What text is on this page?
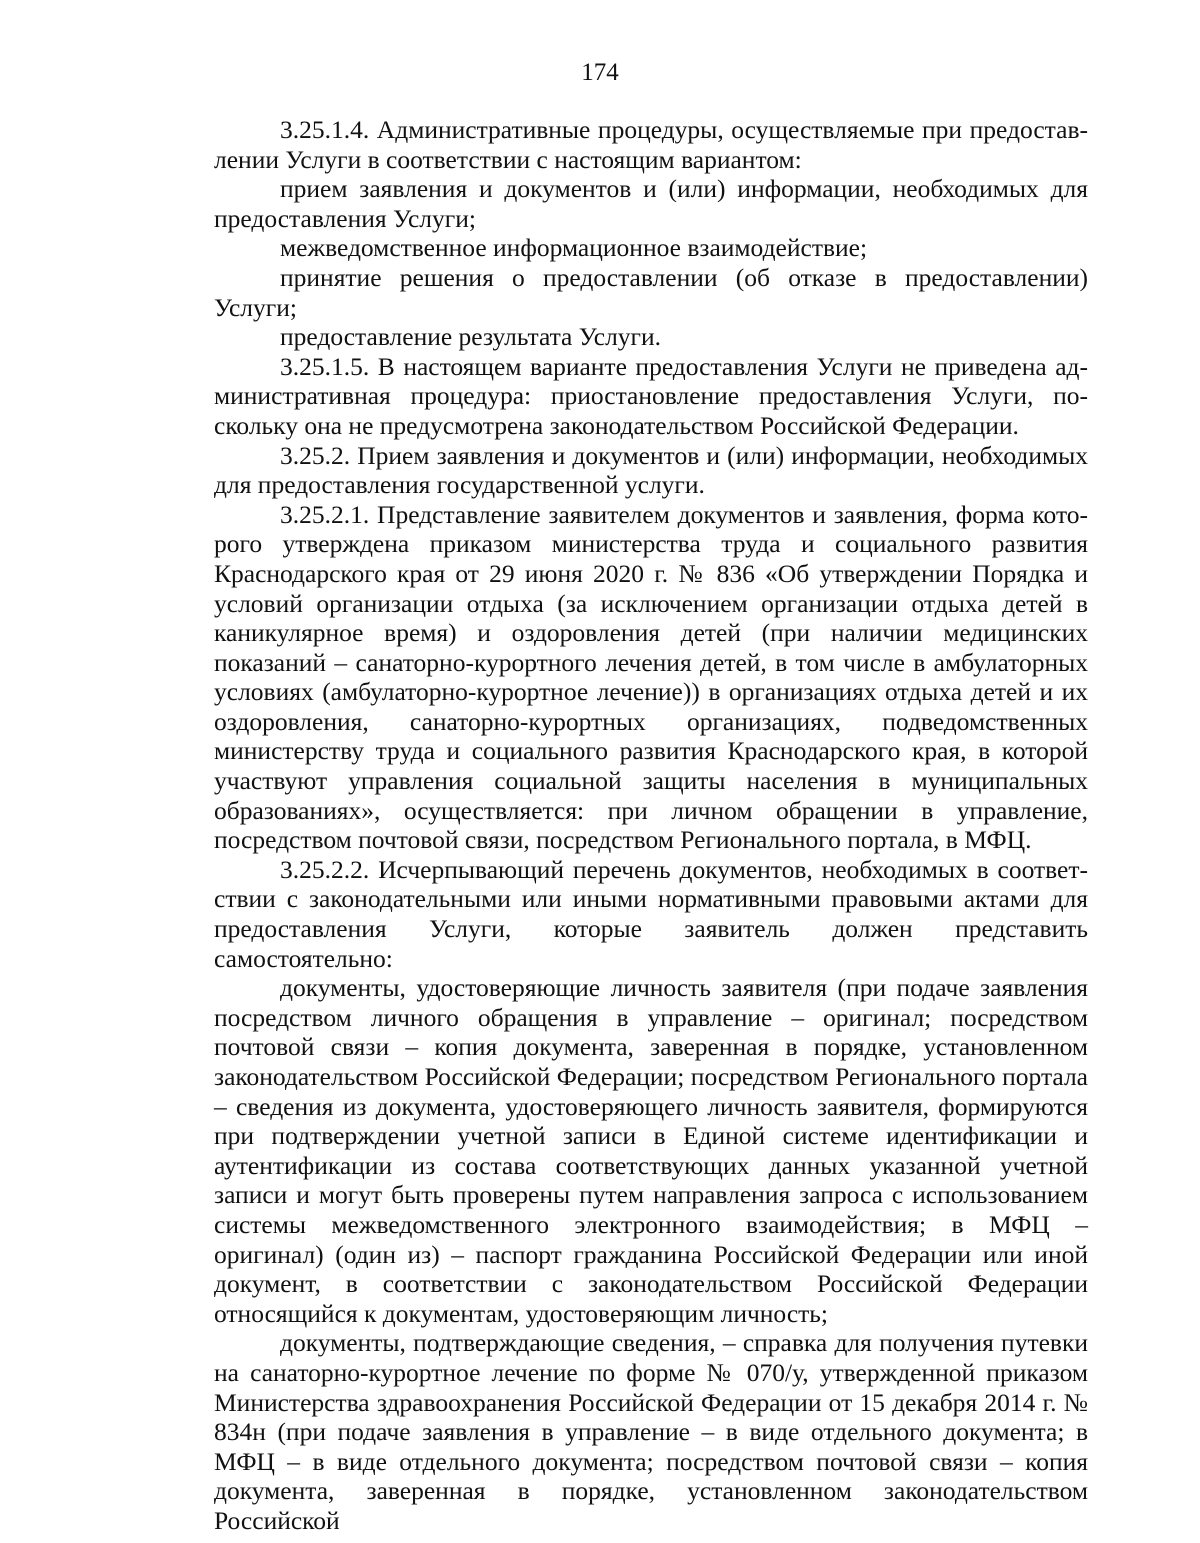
174

3.25.1.4. Административные процедуры, осуществляемые при предоставлении Услуги в соответствии с настоящим вариантом:

прием заявления и документов и (или) информации, необходимых для предоставления Услуги;

межведомственное информационное взаимодействие;

принятие решения о предоставлении (об отказе в предоставлении) Услуги;

предоставление результата Услуги.

3.25.1.5. В настоящем варианте предоставления Услуги не приведена административная процедура: приостановление предоставления Услуги, поскольку она не предусмотрена законодательством Российской Федерации.

3.25.2. Прием заявления и документов и (или) информации, необходимых для предоставления государственной услуги.

3.25.2.1. Представление заявителем документов и заявления, форма которого утверждена приказом министерства труда и социального развития Краснодарского края от 29 июня 2020 г. № 836 «Об утверждении Порядка и условий организации отдыха (за исключением организации отдыха детей в каникулярное время) и оздоровления детей (при наличии медицинских показаний – санаторно-курортного лечения детей, в том числе в амбулаторных условиях (амбулаторно-курортное лечение)) в организациях отдыха детей и их оздоровления, санаторно-курортных организациях, подведомственных министерству труда и социального развития Краснодарского края, в которой участвуют управления социальной защиты населения в муниципальных образованиях», осуществляется: при личном обращении в управление, посредством почтовой связи, посредством Регионального портала, в МФЦ.

3.25.2.2. Исчерпывающий перечень документов, необходимых в соответствии с законодательными или иными нормативными правовыми актами для предоставления Услуги, которые заявитель должен представить самостоятельно:

документы, удостоверяющие личность заявителя (при подаче заявления посредством личного обращения в управление – оригинал; посредством почтовой связи – копия документа, заверенная в порядке, установленном законодательством Российской Федерации; посредством Регионального портала – сведения из документа, удостоверяющего личность заявителя, формируются при подтверждении учетной записи в Единой системе идентификации и аутентификации из состава соответствующих данных указанной учетной записи и могут быть проверены путем направления запроса с использованием системы межведомственного электронного взаимодействия; в МФЦ – оригинал) (один из) – паспорт гражданина Российской Федерации или иной документ, в соответствии с законодательством Российской Федерации относящийся к документам, удостоверяющим личность;

документы, подтверждающие сведения, – справка для получения путевки на санаторно-курортное лечение по форме № 070/у, утвержденной приказом Министерства здравоохранения Российской Федерации от 15 декабря 2014 г. № 834н (при подаче заявления в управление – в виде отдельного документа; в МФЦ – в виде отдельного документа; посредством почтовой связи – копия документа, заверенная в порядке, установленном законодательством Российской
